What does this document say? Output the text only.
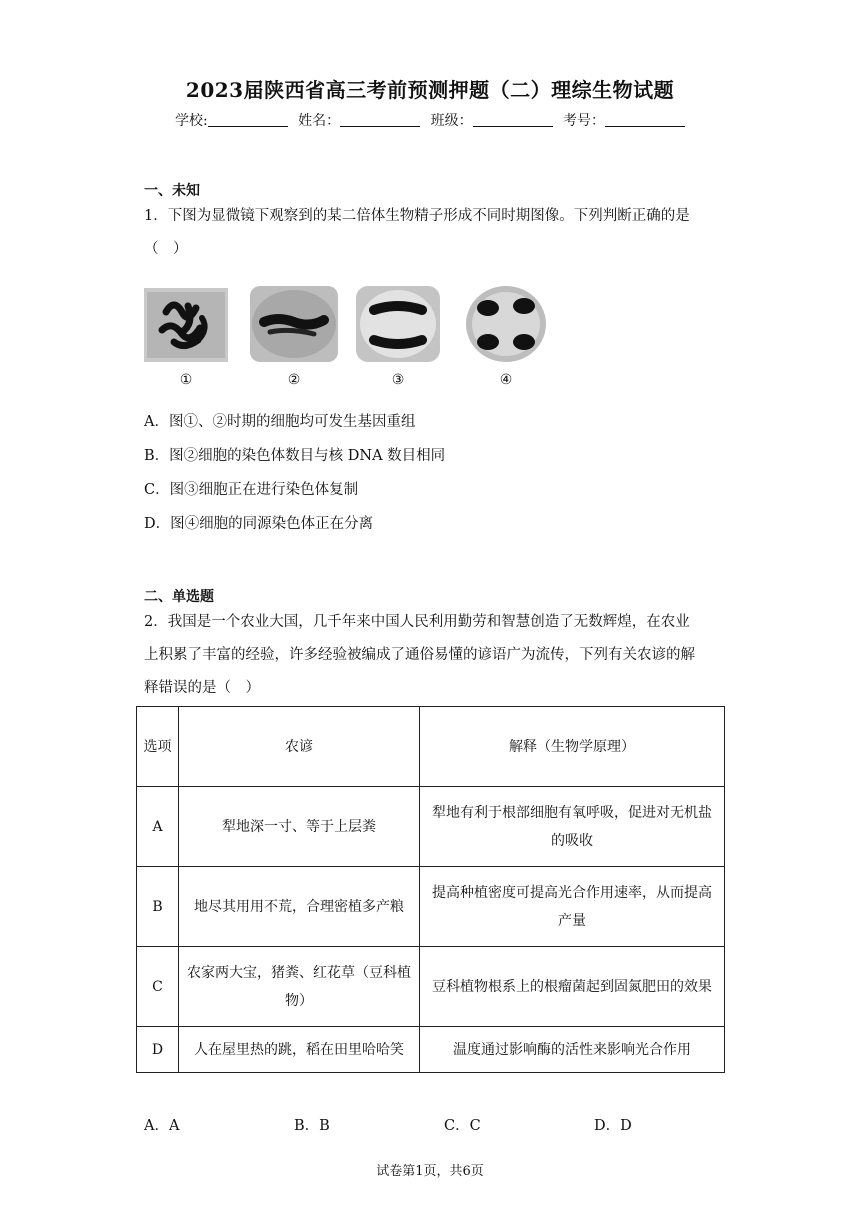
2023届陕西省高三考前预测押题（二）理综生物试题
学校:	姓名：	班级：	考号：
一、未知
1．下图为显微镜下观察到的某二倍体生物精子形成不同时期图像。下列判断正确的是
（　）
①	②	③	④
A．图①、②时期的细胞均可发生基因重组
B．图②细胞的染色体数目与核 DNA 数目相同
C．图③细胞正在进行染色体复制
D．图④细胞的同源染色体正在分离
二、单选题
2．我国是一个农业大国，几千年来中国人民利用勤劳和智慧创造了无数辉煌，在农业
上积累了丰富的经验，许多经验被编成了通俗易懂的谚语广为流传，下列有关农谚的解
释错误的是（　）
选项	农谚	解释（生物学原理）
A	犁地深一寸、等于上层粪	犁地有利于根部细胞有氧呼吸，促进对无机盐的吸收
B	地尽其用用不荒，合理密植多产粮	提高种植密度可提高光合作用速率，从而提高产量
C	农家两大宝，猪粪、红花草（豆科植物）	豆科植物根系上的根瘤菌起到固氮肥田的效果
D	人在屋里热的跳，稻在田里哈哈笑	温度通过影响酶的活性来影响光合作用
A．A	B．B	C．C	D．D
试卷第1页，共6页
